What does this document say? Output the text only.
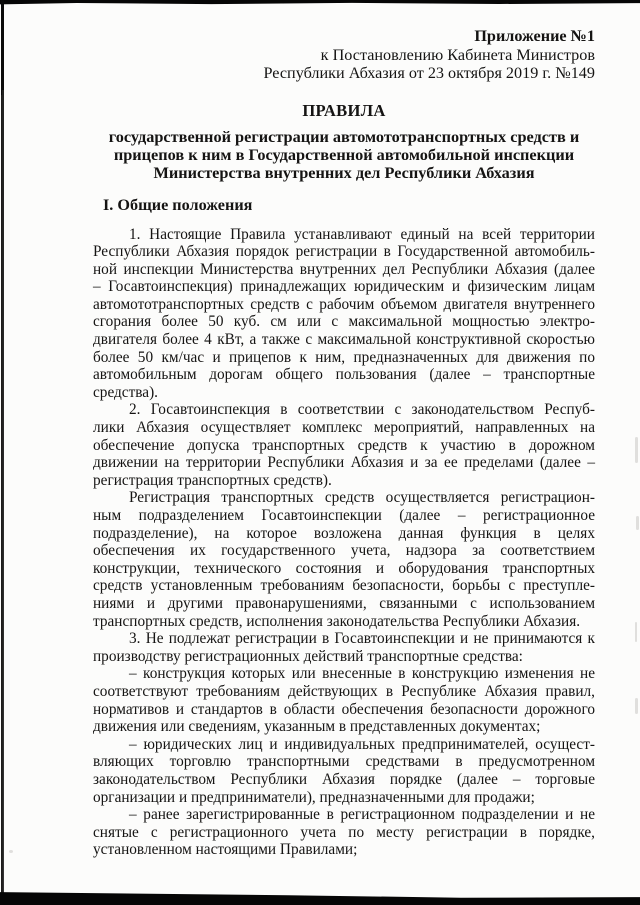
Приложение №1
к Постановлению Кабинета Министров
Республики Абхазия от 23 октября 2019 г. №149
ПРАВИЛА
государственной регистрации автомототранспортных средств и
прицепов к ним в Государственной автомобильной инспекции
Министерства внутренних дел Республики Абхазия
I. Общие положения
1. Настоящие Правила устанавливают единый на всей территории
Республики Абхазия порядок регистрации в Государственной автомобиль-
ной инспекции Министерства внутренних дел Республики Абхазия (далее
– Госавтоинспекция) принадлежащих юридическим и физическим лицам
автомототранспортных средств с рабочим объемом двигателя внутреннего
сгорания более 50 куб. см или с максимальной мощностью электро-
двигателя более 4 кВт, а также с максимальной конструктивной скоростью
более 50 км/час и прицепов к ним, предназначенных для движения по
автомобильным дорогам общего пользования (далее – транспортные
средства).
2. Госавтоинспекция в соответствии с законодательством Респуб-
лики Абхазия осуществляет комплекс мероприятий, направленных на
обеспечение допуска транспортных средств к участию в дорожном
движении на территории Республики Абхазия и за ее пределами (далее –
регистрация транспортных средств).
Регистрация транспортных средств осуществляется регистрацион-
ным подразделением Госавтоинспекции (далее – регистрационное
подразделение), на которое возложена данная функция в целях
обеспечения их государственного учета, надзора за соответствием
конструкции, технического состояния и оборудования транспортных
средств установленным требованиям безопасности, борьбы с преступле-
ниями и другими правонарушениями, связанными с использованием
транспортных средств, исполнения законодательства Республики Абхазия.
3. Не подлежат регистрации в Госавтоинспекции и не принимаются к
производству регистрационных действий транспортные средства:
– конструкция которых или внесенные в конструкцию изменения не
соответствуют требованиям действующих в Республике Абхазия правил,
нормативов и стандартов в области обеспечения безопасности дорожного
движения или сведениям, указанным в представленных документах;
– юридических лиц и индивидуальных предпринимателей, осущест-
вляющих торговлю транспортными средствами в предусмотренном
законодательством Республики Абхазия порядке (далее – торговые
организации и предприниматели), предназначенными для продажи;
– ранее зарегистрированные в регистрационном подразделении и не
снятые с регистрационного учета по месту регистрации в порядке,
установленном настоящими Правилами;
